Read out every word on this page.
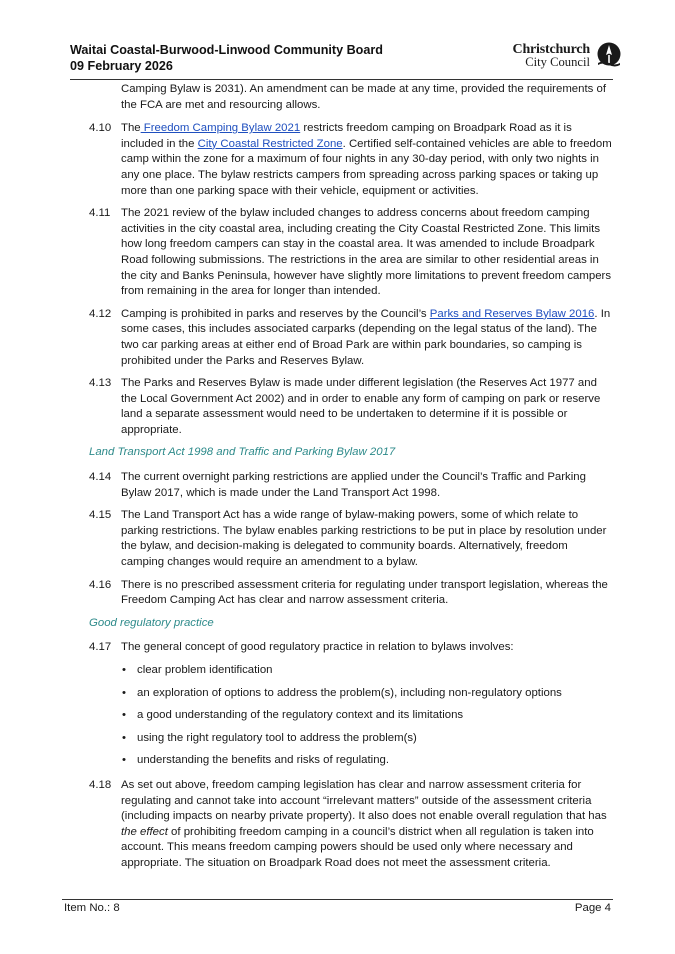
Waitai Coastal-Burwood-Linwood Community Board
09 February 2026
Christchurch
City Council
Camping Bylaw is 2031). An amendment can be made at any time, provided the requirements of the FCA are met and resourcing allows.
4.10 The Freedom Camping Bylaw 2021 restricts freedom camping on Broadpark Road as it is included in the City Coastal Restricted Zone. Certified self-contained vehicles are able to freedom camp within the zone for a maximum of four nights in any 30-day period, with only two nights in any one place. The bylaw restricts campers from spreading across parking spaces or taking up more than one parking space with their vehicle, equipment or activities.
4.11 The 2021 review of the bylaw included changes to address concerns about freedom camping activities in the city coastal area, including creating the City Coastal Restricted Zone. This limits how long freedom campers can stay in the coastal area. It was amended to include Broadpark Road following submissions. The restrictions in the area are similar to other residential areas in the city and Banks Peninsula, however have slightly more limitations to prevent freedom campers from remaining in the area for longer than intended.
4.12 Camping is prohibited in parks and reserves by the Council’s Parks and Reserves Bylaw 2016. In some cases, this includes associated carparks (depending on the legal status of the land). The two car parking areas at either end of Broad Park are within park boundaries, so camping is prohibited under the Parks and Reserves Bylaw.
4.13 The Parks and Reserves Bylaw is made under different legislation (the Reserves Act 1977 and the Local Government Act 2002) and in order to enable any form of camping on park or reserve land a separate assessment would need to be undertaken to determine if it is possible or appropriate.
Land Transport Act 1998 and Traffic and Parking Bylaw 2017
4.14 The current overnight parking restrictions are applied under the Council’s Traffic and Parking Bylaw 2017, which is made under the Land Transport Act 1998.
4.15 The Land Transport Act has a wide range of bylaw-making powers, some of which relate to parking restrictions. The bylaw enables parking restrictions to be put in place by resolution under the bylaw, and decision-making is delegated to community boards. Alternatively, freedom camping changes would require an amendment to a bylaw.
4.16 There is no prescribed assessment criteria for regulating under transport legislation, whereas the Freedom Camping Act has clear and narrow assessment criteria.
Good regulatory practice
4.17 The general concept of good regulatory practice in relation to bylaws involves:
• clear problem identification
• an exploration of options to address the problem(s), including non-regulatory options
• a good understanding of the regulatory context and its limitations
• using the right regulatory tool to address the problem(s)
• understanding the benefits and risks of regulating.
4.18 As set out above, freedom camping legislation has clear and narrow assessment criteria for regulating and cannot take into account “irrelevant matters” outside of the assessment criteria (including impacts on nearby private property). It also does not enable overall regulation that has the effect of prohibiting freedom camping in a council’s district when all regulation is taken into account. This means freedom camping powers should be used only where necessary and appropriate. The situation on Broadpark Road does not meet the assessment criteria.
Item No.: 8	Page 4
